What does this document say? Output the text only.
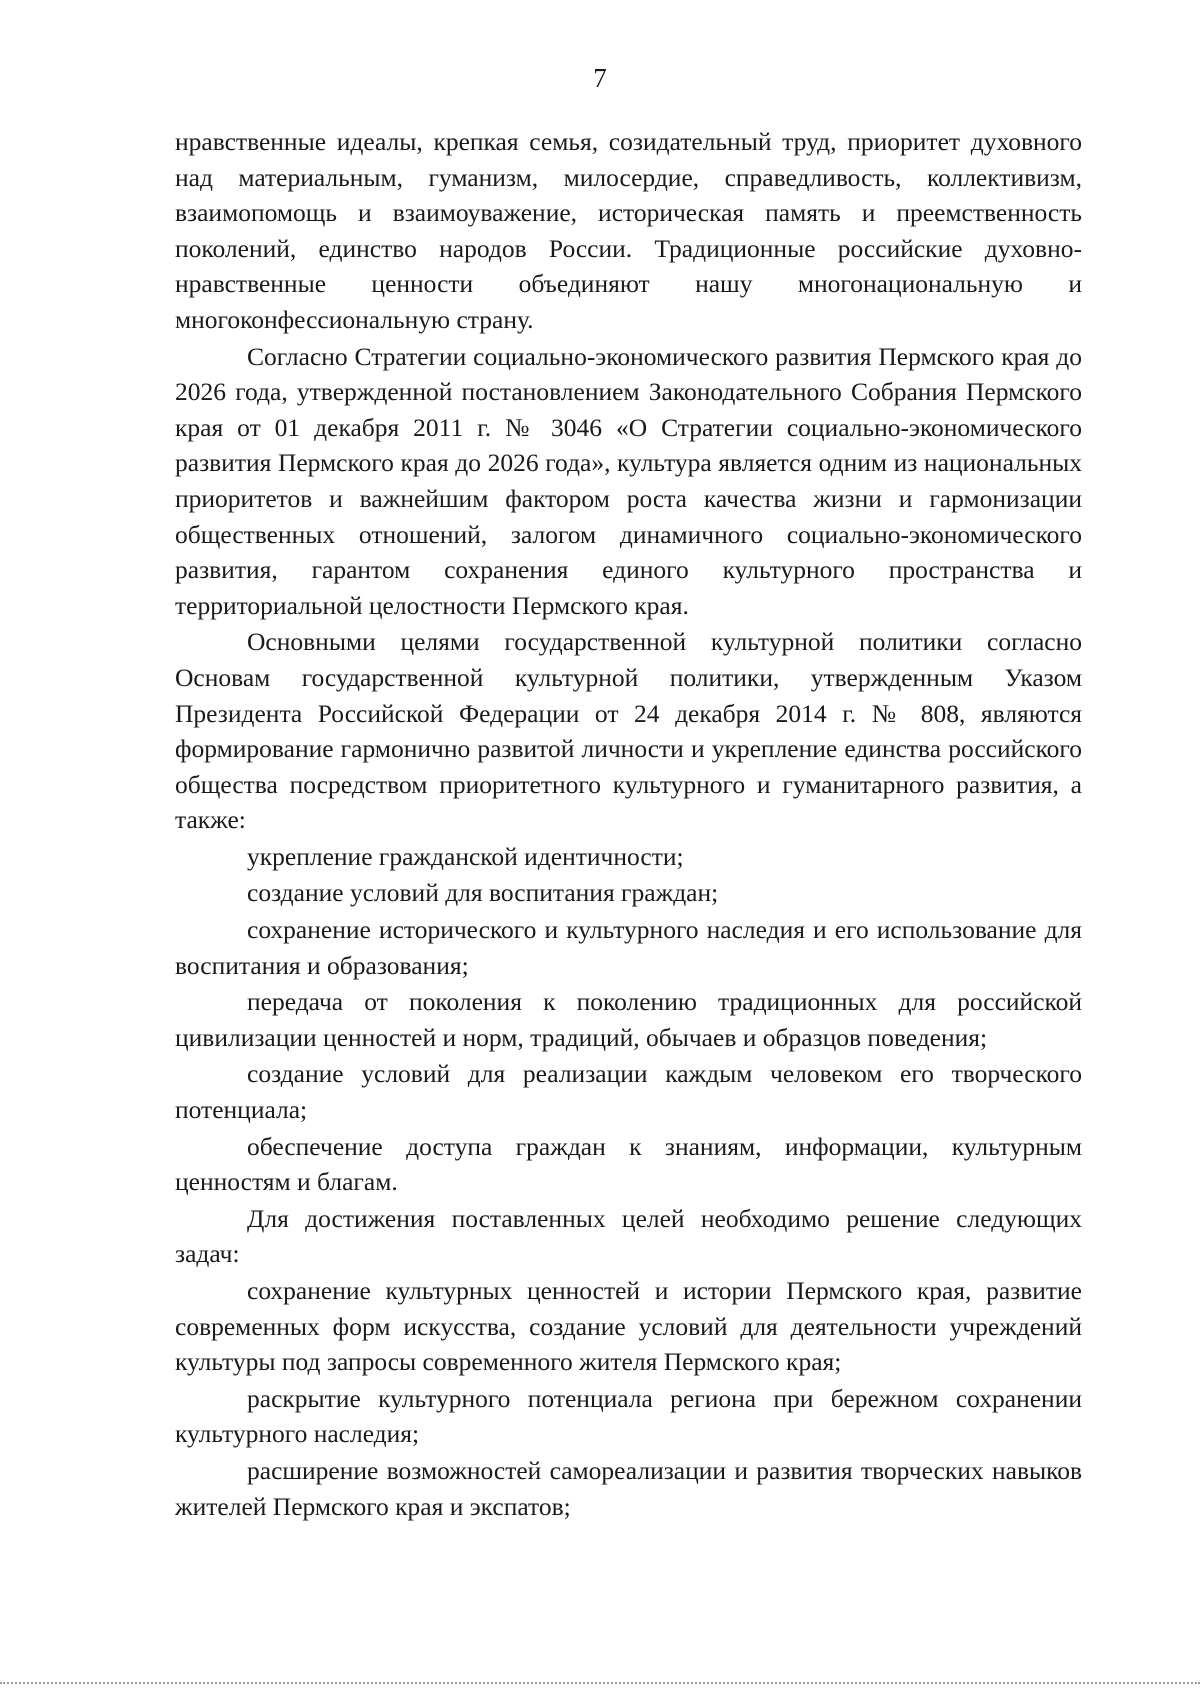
7

нравственные идеалы, крепкая семья, созидательный труд, приоритет духовного над материальным, гуманизм, милосердие, справедливость, коллективизм, взаимопомощь и взаимоуважение, историческая память и преемственность поколений, единство народов России. Традиционные российские духовно-нравственные ценности объединяют нашу многонациональную и многоконфессиональную страну.

Согласно Стратегии социально-экономического развития Пермского края до 2026 года, утвержденной постановлением Законодательного Собрания Пермского края от 01 декабря 2011 г. № 3046 «О Стратегии социально-экономического развития Пермского края до 2026 года», культура является одним из национальных приоритетов и важнейшим фактором роста качества жизни и гармонизации общественных отношений, залогом динамичного социально-экономического развития, гарантом сохранения единого культурного пространства и территориальной целостности Пермского края.

Основными целями государственной культурной политики согласно Основам государственной культурной политики, утвержденным Указом Президента Российской Федерации от 24 декабря 2014 г. № 808, являются формирование гармонично развитой личности и укрепление единства российского общества посредством приоритетного культурного и гуманитарного развития, а также:

укрепление гражданской идентичности;

создание условий для воспитания граждан;

сохранение исторического и культурного наследия и его использование для воспитания и образования;

передача от поколения к поколению традиционных для российской цивилизации ценностей и норм, традиций, обычаев и образцов поведения;

создание условий для реализации каждым человеком его творческого потенциала;

обеспечение доступа граждан к знаниям, информации, культурным ценностям и благам.

Для достижения поставленных целей необходимо решение следующих задач:

сохранение культурных ценностей и истории Пермского края, развитие современных форм искусства, создание условий для деятельности учреждений культуры под запросы современного жителя Пермского края;

раскрытие культурного потенциала региона при бережном сохранении культурного наследия;

расширение возможностей самореализации и развития творческих навыков жителей Пермского края и экспатов;
